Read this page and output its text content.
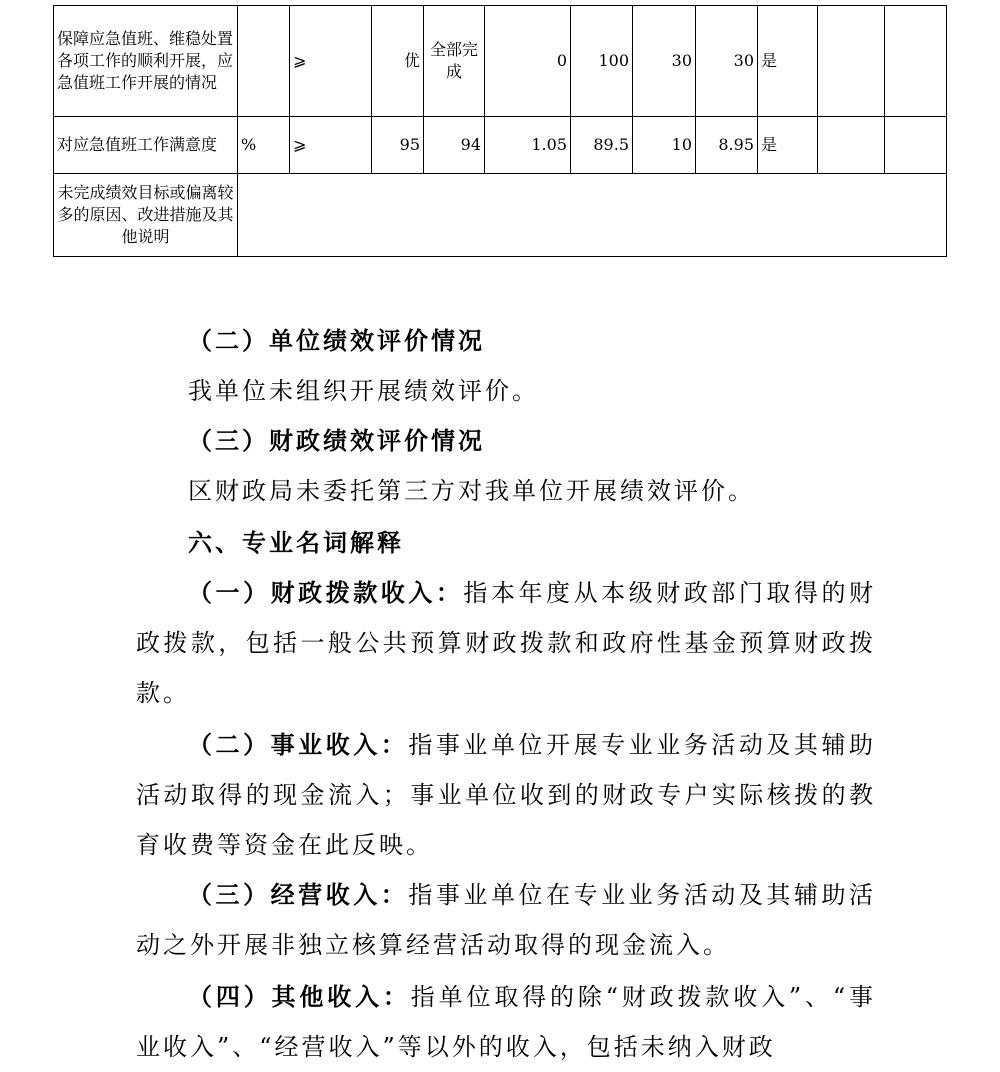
保障应急值班、维稳处置各项工作的顺利开展，应急值班工作开展的情况		⩾	优	全部完成	0	100	30	30	是		
对应急值班工作满意度	%	⩾	95	94	1.05	89.5	10	8.95	是		
未完成绩效目标或偏离较多的原因、改进措施及其他说明											
（二）单位绩效评价情况
我单位未组织开展绩效评价。
（三）财政绩效评价情况
区财政局未委托第三方对我单位开展绩效评价。
六、专业名词解释
（一）财政拨款收入：指本年度从本级财政部门取得的财政拨款，包括一般公共预算财政拨款和政府性基金预算财政拨款。
（二）事业收入：指事业单位开展专业业务活动及其辅助活动取得的现金流入；事业单位收到的财政专户实际核拨的教育收费等资金在此反映。
（三）经营收入：指事业单位在专业业务活动及其辅助活动之外开展非独立核算经营活动取得的现金流入。
（四）其他收入：指单位取得的除“财政拨款收入”、“事业收入”、“经营收入”等以外的收入，包括未纳入财政
